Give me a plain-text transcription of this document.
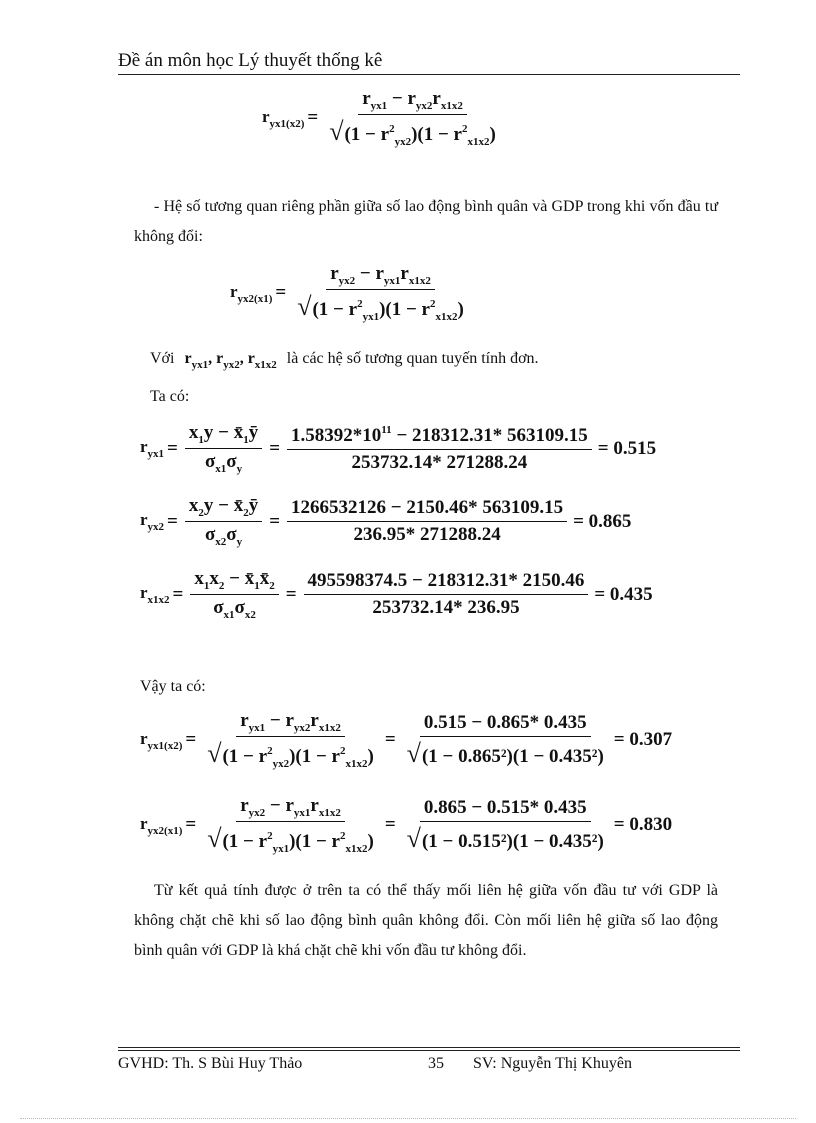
Đề án môn học Lý thuyết thống kê
$r_{yx1(x2)} = \frac{r_{yx1} - r_{yx2}r_{x1x2}}{√(1 - r^2_{yx2})(1 - r^2_{x1x2})}$
- Hệ số tương quan riêng phần giữa số lao động bình quân và GDP trong khi vốn đầu tư không đổi:
$r_{yx2(x1)} = \frac{r_{yx2} - r_{yx1}r_{x1x2}}{√(1 - r^2_{yx1})(1 - r^2_{x1x2})}$
Với $r_{yx1}$, $r_{yx2}$, $r_{x1x2}$ là các hệ số tương quan tuyến tính đơn.
Ta có:
$r_{yx1} = \frac{x_1y - x̄_1ȳ}{\sigma_{x1}\sigma_y} = \frac{1.58392*10^{11} - 218312.31* 563109.15}{253732.14* 271288.24} = 0.515$
$r_{yx2} = \frac{x_2y - x̄_2ȳ}{\sigma_{x2}\sigma_y} = \frac{1266532126 - 2150.46* 563109.15}{236.95* 271288.24} = 0.865$
$r_{x1x2} = \frac{x_1x_2 - x̄_1x̄_2}{\sigma_{x1}\sigma_{x2}} = \frac{495598374.5 - 218312.31* 2150.46}{253732.14* 236.95} = 0.435$
Vậy ta có:
$r_{yx1(x2)} = \frac{r_{yx1} - r_{yx2}r_{x1x2}}{√(1 - r^2_{yx2})(1 - r^2_{x1x2})} = \frac{0.515 - 0.865* 0.435}{\text{√(1 − 0.865²)(1 − 0.435²)}} = 0.307$
$r_{yx2(x1)} = \frac{r_{yx2} - r_{yx1}r_{x1x2}}{√(1 - r^2_{yx1})(1 - r^2_{x1x2})} = \frac{0.865 - 0.515* 0.435}{\text{√(1 − 0.515²)(1 − 0.435²)}} = 0.830$
Từ kết quả tính được ở trên ta có thể thấy mối liên hệ giữa vốn đầu tư với GDP là không chặt chẽ khi số lao động bình quân không đổi. Còn mối liên hệ giữa số lao động bình quân với GDP là khá chặt chẽ khi vốn đầu tư không đổi.
GVHD: Th. S Bùi Huy Thảo	35 SV: Nguyễn Thị Khuyên
